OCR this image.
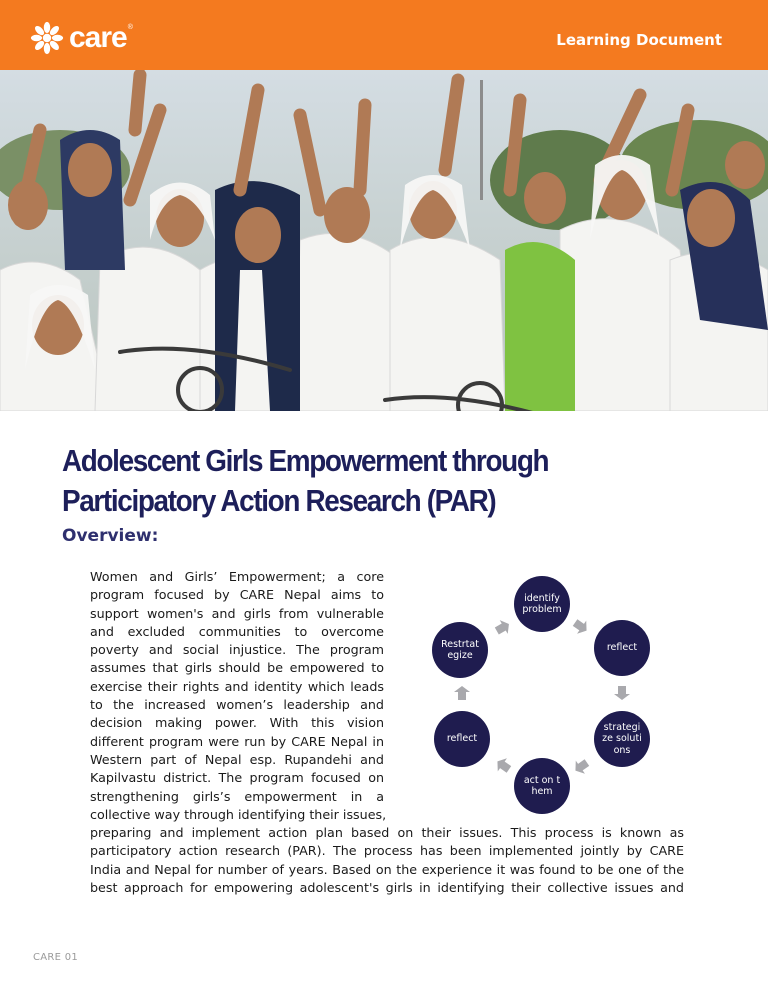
care ®
Learning Document
Adolescent Girls Empowerment through
Participatory Action Research (PAR)
Overview:
Women and Girls’ Empowerment; a core
program focused by CARE Nepal aims to
support women's and girls from vulnerable
and excluded communities to overcome
poverty and social injustice. The program
assumes that girls should be empowered to
exercise their rights and identity which leads
to the increased women’s leadership and
decision making power. With this vision
different program were run by CARE Nepal in
Western part of Nepal esp. Rupandehi and
Kapilvastu district. The program focused on
strengthening girls’s empowerment in a
collective way through identifying their issues,
preparing and implement action plan based on their issues. This process is known as
participatory action research (PAR). The process has been implemented jointly by CARE
India and Nepal for number of years. Based on the experience it was found to be one of the
best approach for empowering adolescent's girls in identifying their collective issues and
identify problem
reflect
strategize solutions
act on them
reflect
Restrtategize
CARE 01
